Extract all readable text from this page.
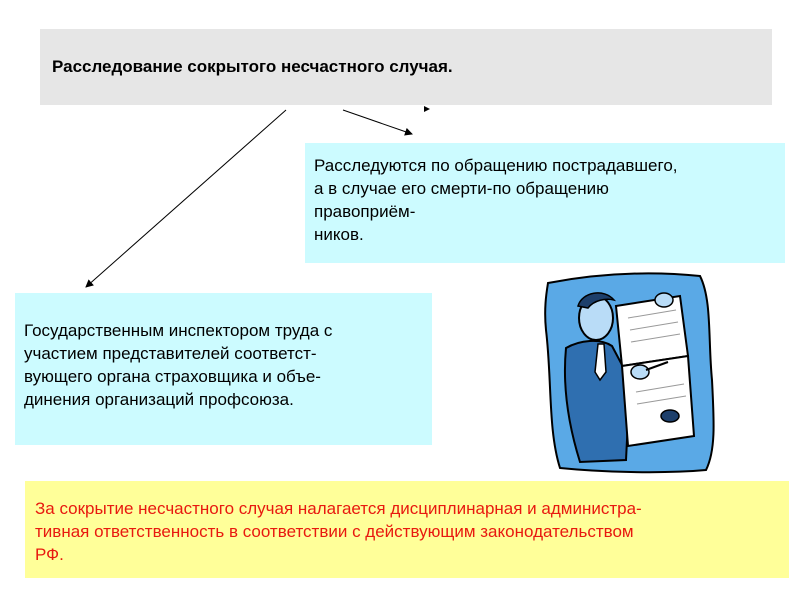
Расследование сокрытого несчастного случая.
Расследуются по обращению пострадавшего,
а в случае его смерти-по обращению
правоприём-
ников.
Государственным инспектором труда с
участием представителей соответст-
вующего органа страховщика и объе-
динения организаций профсоюза.
За сокрытие несчастного случая налагается дисциплинарная и администра-
тивная ответственность в соответствии с действующим законодательством
РФ.
